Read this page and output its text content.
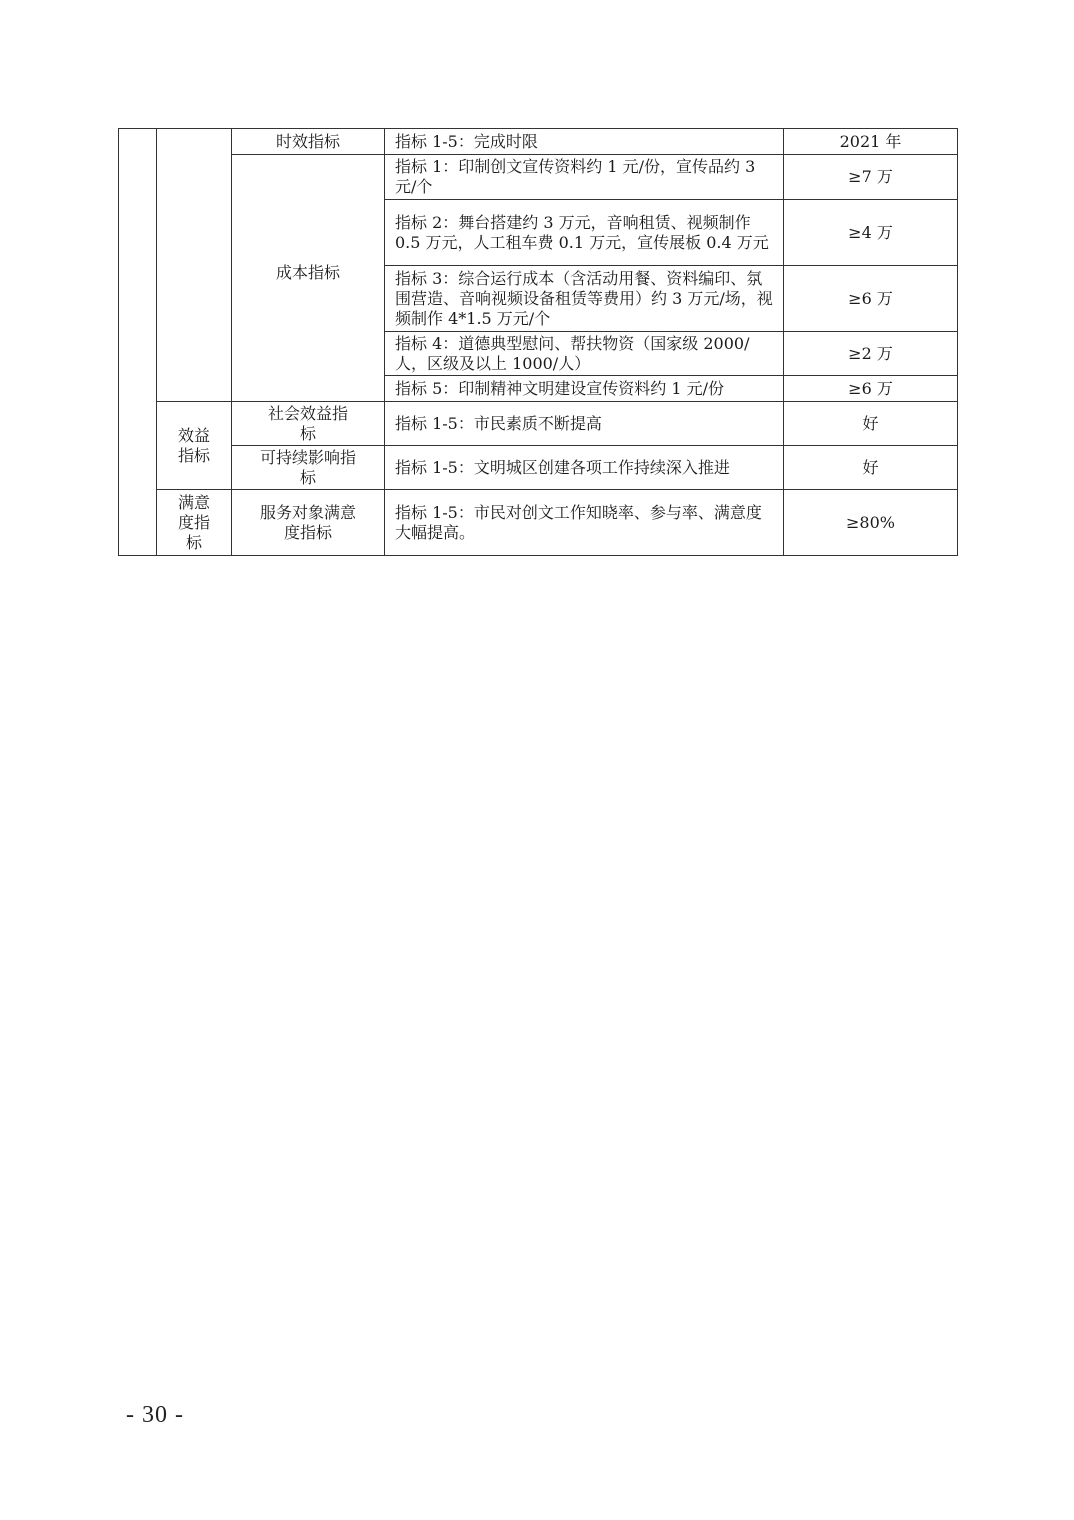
		时效指标	指标 1-5：完成时限	2021 年
		成本指标	指标 1：印制创文宣传资料约 1 元/份，宣传品约 3 元/个	≥7 万
			指标 2：舞台搭建约 3 万元，音响租赁、视频制作 0.5 万元，人工租车费 0.1 万元，宣传展板 0.4 万元	≥4 万
			指标 3：综合运行成本（含活动用餐、资料编印、氛围营造、音响视频设备租赁等费用）约 3 万元/场，视频制作 4*1.5 万元/个	≥6 万
			指标 4：道德典型慰问、帮扶物资（国家级 2000/人，区级及以上 1000/人）	≥2 万
			指标 5：印制精神文明建设宣传资料约 1 元/份	≥6 万
	效益指标	社会效益指标	指标 1-5：市民素质不断提高	好
		可持续影响指标	指标 1-5：文明城区创建各项工作持续深入推进	好
	满意度指标	服务对象满意度指标	指标 1-5：市民对创文工作知晓率、参与率、满意度大幅提高。	≥80%
- 30 -
